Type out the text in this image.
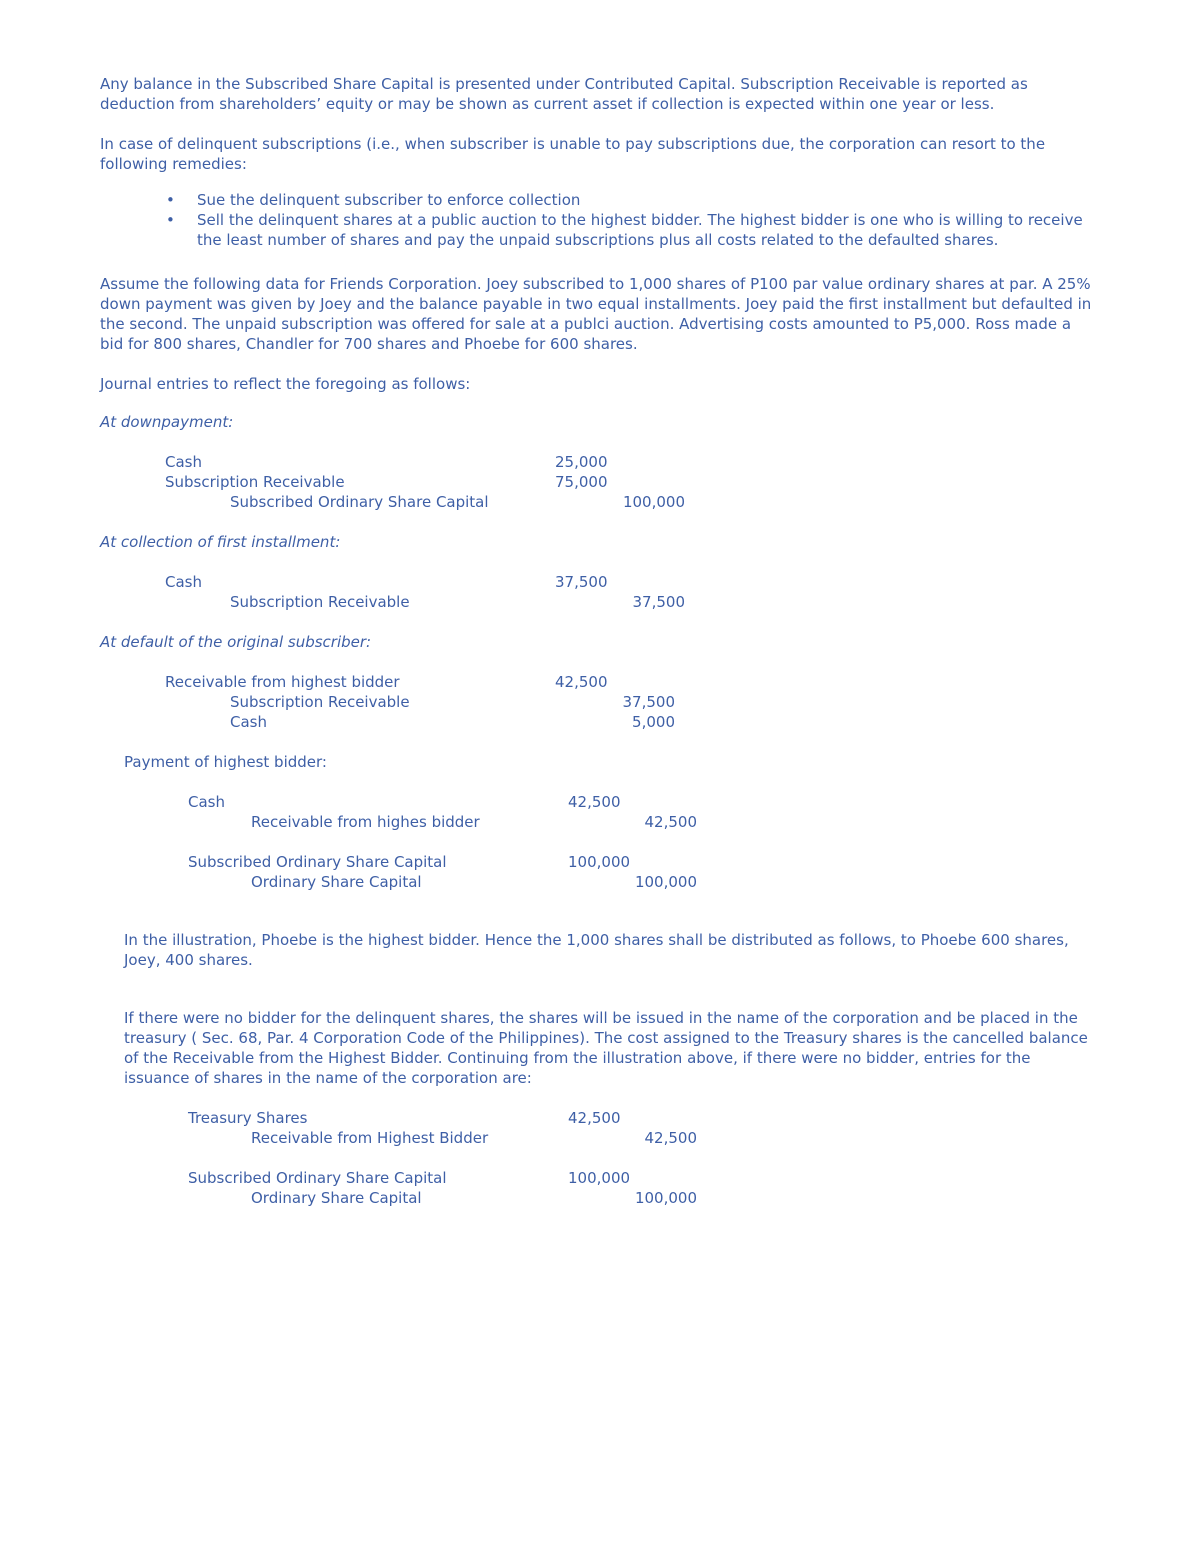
Any balance in the Subscribed Share Capital is presented under Contributed Capital. Subscription Receivable is reported as deduction from shareholders’ equity or may be shown as current asset if collection is expected within one year or less.

In case of delinquent subscriptions (i.e., when subscriber is unable to pay subscriptions due, the corporation can resort to the following remedies:

• Sue the delinquent subscriber to enforce collection
• Sell the delinquent shares at a public auction to the highest bidder. The highest bidder is one who is willing to receive the least number of shares and pay the unpaid subscriptions plus all costs related to the defaulted shares.

Assume the following data for Friends Corporation. Joey subscribed to 1,000 shares of P100 par value ordinary shares at par. A 25% down payment was given by Joey and the balance payable in two equal installments. Joey paid the first installment but defaulted in the second. The unpaid subscription was offered for sale at a publci auction. Advertising costs amounted to P5,000. Ross made a bid for 800 shares, Chandler for 700 shares and Phoebe for 600 shares.

Journal entries to reflect the foregoing as follows:

At downpayment:

Cash	25,000
Subscription Receivable	75,000
Subscribed Ordinary Share Capital	100,000

At collection of first installment:

Cash	37,500
Subscription Receivable	37,500

At default of the original subscriber:

Receivable from highest bidder	42,500
Subscription Receivable	37,500
Cash	5,000

Payment of highest bidder:

Cash	42,500
Receivable from highes bidder	42,500
Subscribed Ordinary Share Capital	100,000
Ordinary Share Capital	100,000

In the illustration, Phoebe is the highest bidder. Hence the 1,000 shares shall be distributed as follows, to Phoebe 600 shares, Joey, 400 shares.

If there were no bidder for the delinquent shares, the shares will be issued in the name of the corporation and be placed in the treasury ( Sec. 68, Par. 4 Corporation Code of the Philippines). The cost assigned to the Treasury shares is the cancelled balance of the Receivable from the Highest Bidder. Continuing from the illustration above, if there were no bidder, entries for the issuance of shares in the name of the corporation are:

Treasury Shares	42,500
Receivable from Highest Bidder	42,500
Subscribed Ordinary Share Capital	100,000
Ordinary Share Capital	100,000
